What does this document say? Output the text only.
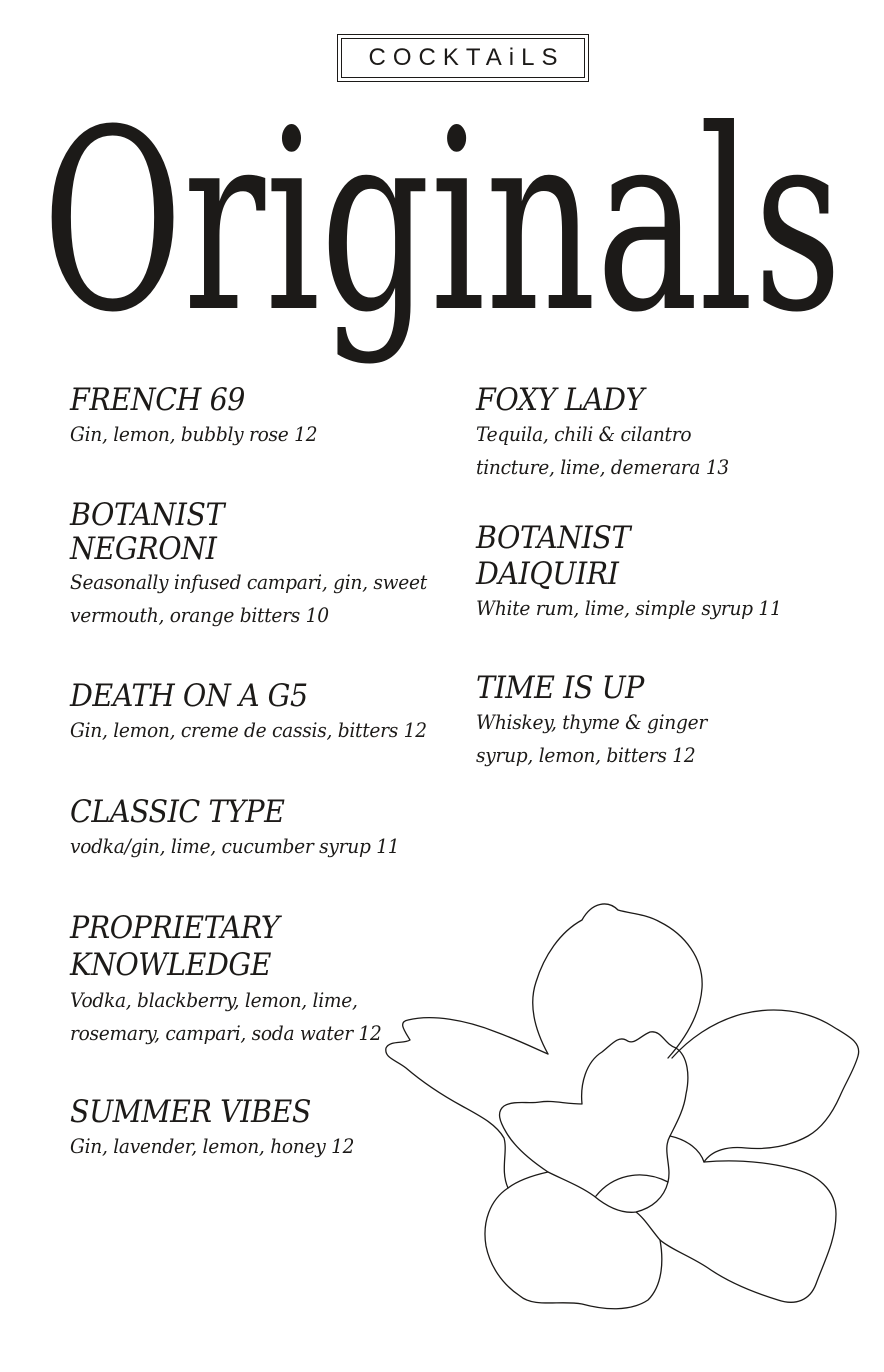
COCKTAiLS
Originals
FRENCH 69
Gin, lemon, bubbly rose 12
BOTANIST
NEGRONI
Seasonally infused campari, gin, sweet
vermouth, orange bitters 10
DEATH ON A G5
Gin, lemon, creme de cassis, bitters 12
CLASSIC TYPE
vodka/gin, lime, cucumber syrup 11
PROPRIETARY
KNOWLEDGE
Vodka, blackberry, lemon, lime,
rosemary, campari, soda water 12
SUMMER VIBES
Gin, lavender, lemon, honey 12
FOXY LADY
Tequila, chili & cilantro
tincture, lime, demerara 13
BOTANIST
DAIQUIRI
White rum, lime, simple syrup 11
TIME IS UP
Whiskey, thyme & ginger
syrup, lemon, bitters 12
